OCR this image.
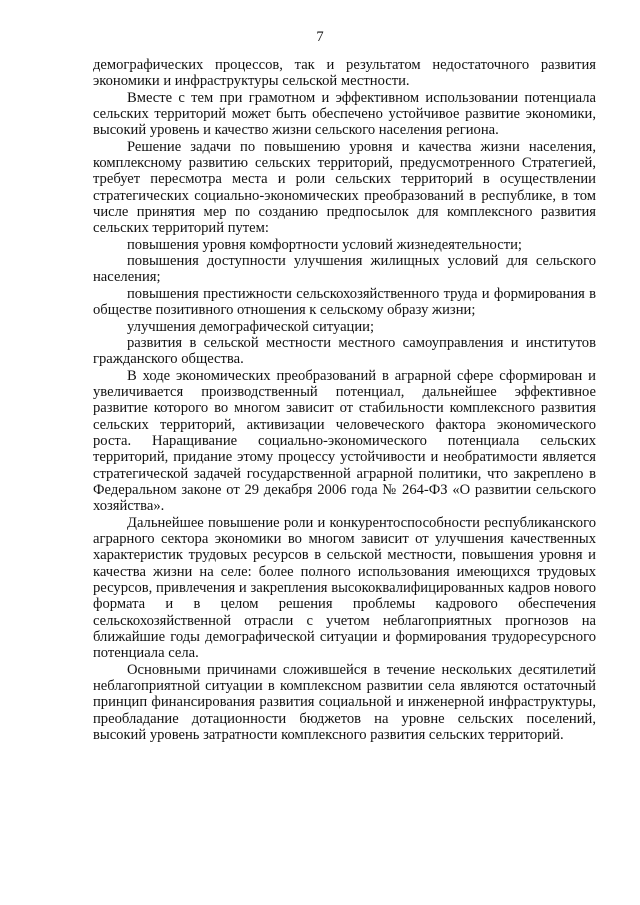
7

демографических процессов, так и результатом недостаточного развития экономики и инфраструктуры сельской местности.

Вместе с тем при грамотном и эффективном использовании потенциала сельских территорий может быть обеспечено устойчивое развитие экономики, высокий уровень и качество жизни сельского населения региона.

Решение задачи по повышению уровня и качества жизни населения, комплексному развитию сельских территорий, предусмотренного Стратегией, требует пересмотра места и роли сельских территорий в осуществлении стратегических социально-экономических преобразований в республике, в том числе принятия мер по созданию предпосылок для комплексного развития сельских территорий путем:

повышения уровня комфортности условий жизнедеятельности;

повышения доступности улучшения жилищных условий для сельского населения;

повышения престижности сельскохозяйственного труда и формирования в обществе позитивного отношения к сельскому образу жизни;

улучшения демографической ситуации;

развития в сельской местности местного самоуправления и институтов гражданского общества.

В ходе экономических преобразований в аграрной сфере сформирован и увеличивается производственный потенциал, дальнейшее эффективное развитие которого во многом зависит от стабильности комплексного развития сельских территорий, активизации человеческого фактора экономического роста. Наращивание социально-экономического потенциала сельских территорий, придание этому процессу устойчивости и необратимости является стратегической задачей государственной аграрной политики, что закреплено в Федеральном законе от 29 декабря 2006 года № 264-ФЗ «О развитии сельского хозяйства».

Дальнейшее повышение роли и конкурентоспособности республиканского аграрного сектора экономики во многом зависит от улучшения качественных характеристик трудовых ресурсов в сельской местности, повышения уровня и качества жизни на селе: более полного использования имеющихся трудовых ресурсов, привлечения и закрепления высококвалифицированных кадров нового формата и в целом решения проблемы кадрового обеспечения сельскохозяйственной отрасли с учетом неблагоприятных прогнозов на ближайшие годы демографической ситуации и формирования трудоресурсного потенциала села.

Основными причинами сложившейся в течение нескольких десятилетий неблагоприятной ситуации в комплексном развитии села являются остаточный принцип финансирования развития социальной и инженерной инфраструктуры, преобладание дотационности бюджетов на уровне сельских поселений, высокий уровень затратности комплексного развития сельских территорий.
